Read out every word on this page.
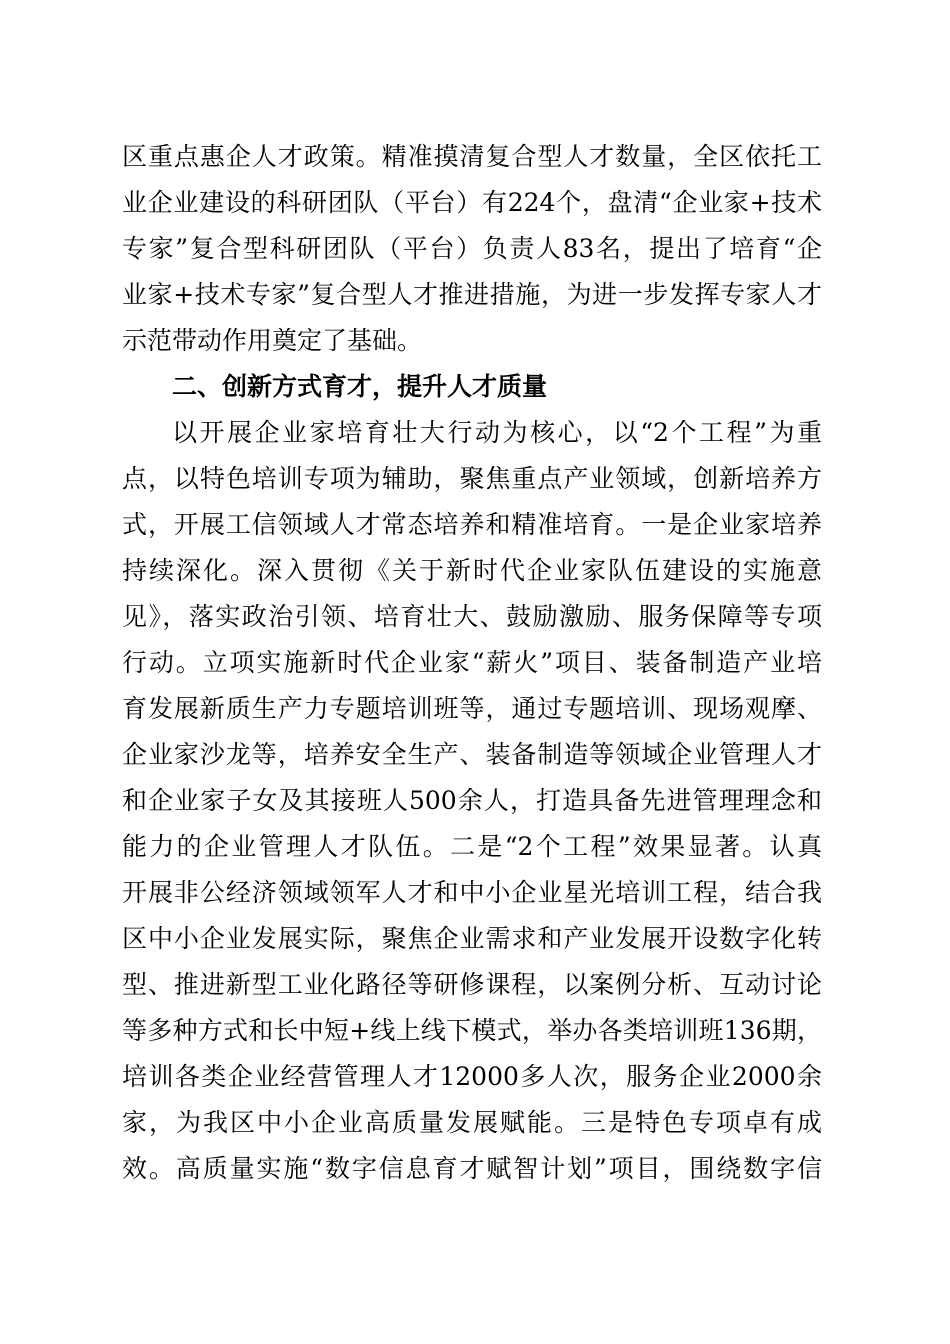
区重点惠企人才政策。精准摸清复合型人才数量，全区依托工
业企业建设的科研团队（平台）有224个，盘清“企业家+技术
专家”复合型科研团队（平台）负责人83名，提出了培育“企
业家+技术专家”复合型人才推进措施，为进一步发挥专家人才
示范带动作用奠定了基础。
二、创新方式育才，提升人才质量
以开展企业家培育壮大行动为核心，以“2个工程”为重
点，以特色培训专项为辅助，聚焦重点产业领域，创新培养方
式，开展工信领域人才常态培养和精准培育。一是企业家培养
持续深化。深入贯彻《关于新时代企业家队伍建设的实施意
见》，落实政治引领、培育壮大、鼓励激励、服务保障等专项
行动。立项实施新时代企业家“薪火”项目、装备制造产业培
育发展新质生产力专题培训班等，通过专题培训、现场观摩、
企业家沙龙等，培养安全生产、装备制造等领域企业管理人才
和企业家子女及其接班人500余人，打造具备先进管理理念和
能力的企业管理人才队伍。二是“2个工程”效果显著。认真
开展非公经济领域领军人才和中小企业星光培训工程，结合我
区中小企业发展实际，聚焦企业需求和产业发展开设数字化转
型、推进新型工业化路径等研修课程，以案例分析、互动讨论
等多种方式和长中短+线上线下模式，举办各类培训班136期，
培训各类企业经营管理人才12000多人次，服务企业2000余
家，为我区中小企业高质量发展赋能。三是特色专项卓有成
效。高质量实施“数字信息育才赋智计划”项目，围绕数字信
